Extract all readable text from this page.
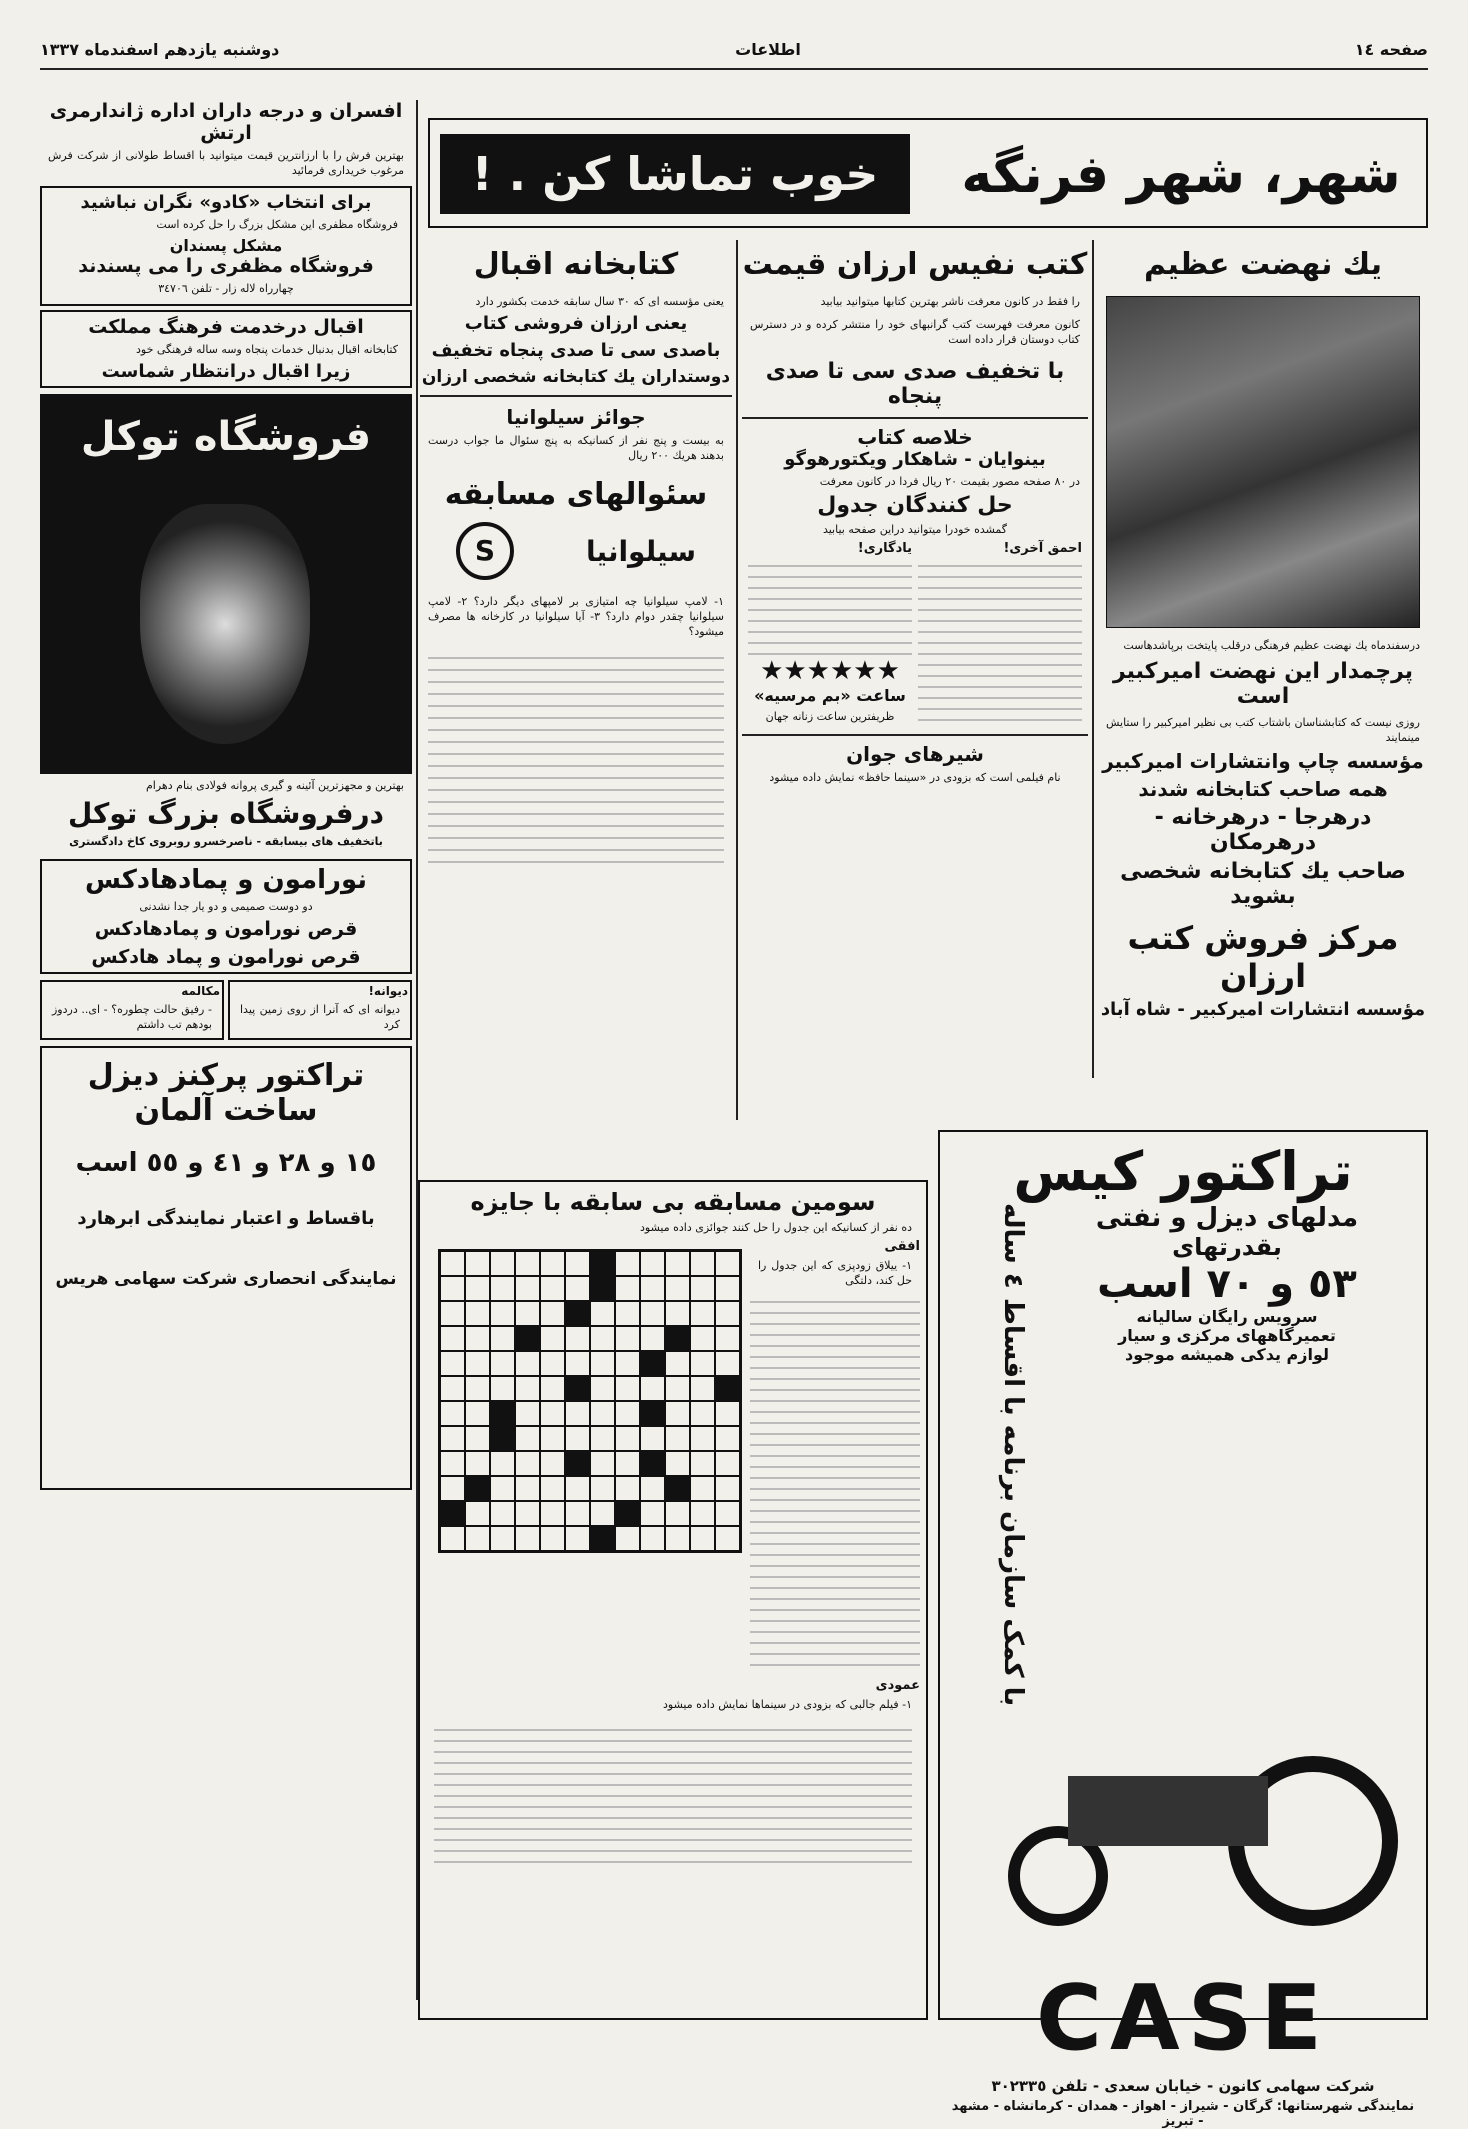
صفحه ١٤
اطلاعات
دوشنبه یازدهم اسفندماه ١٣٣٧
شهر، شهر فرنگه
خوب تماشا کن . !
یك نهضت عظیم
درسفندماه یك نهضت عظیم فرهنگی درقلب پایتخت برپاشدهاست
پرچمدار این نهضت امیرکبیر است
روزی نیست که کتابشناسان باشتاب کتب بی نظیر امیرکبیر را ستایش مینمایند
مؤسسه چاپ وانتشارات امیرکبیر
همه صاحب کتابخانه شدند
درهرجا - درهرخانه - درهرمکان
صاحب یك کتابخانه شخصی بشوید
مرکز فروش کتب ارزان
مؤسسه انتشارات امیرکبیر - شاه آباد
کتب نفیس ارزان قیمت
را فقط در کانون معرفت ناشر بهترین کتابها میتوانید بیابید
کانون معرفت فهرست کتب گرانبهای خود را منتشر کرده و در دسترس کتاب دوستان قرار داده است
با تخفیف صدی سی تا صدی پنجاه
خلاصه کتاب
بینوایان - شاهکار ویکتورهوگو
در ٨٠ صفحه مصور بقیمت ٢٠ ریال فردا در کانون معرفت
حل کنندگان جدول
گمشده خودرا میتوانید دراین صفحه بیابید
احمق آخری!
یادگاری!
★★★★★★
ساعت «بم مرسیه»
ظریفترین ساعت زنانه جهان
شیرهای جوان
نام فیلمی است که بزودی در «سینما حافظ» نمایش داده میشود
کتابخانه اقبال
یعنی مؤسسه ای که ٣٠ سال سابقه خدمت بکشور دارد
یعنی ارزان فروشی کتاب
باصدی سی تا صدی پنجاه تخفیف
دوستداران یك کتابخانه شخصی ارزان
جوائز سیلوانیا
به بیست و پنج نفر از کسانیکه به پنج سئوال ما جواب درست بدهند هریك ٢٠٠ ریال
سئوالهای مسابقه
سیلوانیا
S
١- لامپ سیلوانیا چه امتیازی بر لامپهای دیگر دارد؟ ٢- لامپ سیلوانیا چقدر دوام دارد؟ ٣- آیا سیلوانیا در کارخانه ها مصرف میشود؟
افسران و درجه داران اداره ژاندارمری ارتش
بهترین فرش را با ارزانترین قیمت میتوانید با اقساط طولانی از شرکت فرش مرغوب خریداری فرمائید
برای انتخاب «کادو» نگران نباشید
فروشگاه مظفری این مشکل بزرگ را حل کرده است
مشکل پسندان
فروشگاه مظفری را می پسندند
چهارراه لاله زار - تلفن ٣٤٧٠٦
اقبال درخدمت فرهنگ مملکت
کتابخانه اقبال بدنبال خدمات پنجاه وسه ساله فرهنگی خود
زیرا اقبال درانتظار شماست
فروشگاه توکل
بهترین و مجهزترین آئینه و گیری پروانه فولادی بنام دهرام
درفروشگاه بزرگ توکل
باتخفیف های بیسابقه - ناصرخسرو روبروی کاخ دادگستری
نورامون و پمادهادکس
دو دوست صمیمی و دو یار جدا نشدنی
قرص نورامون و پمادهادکس
قرص نورامون و پماد هادکس
دیوانه!
دیوانه ای که آنرا از روی زمین پیدا کرد
مکالمه
- رفیق حالت چطوره؟ - ای.. دردوز بودهم تب داشتم
تراکتور پرکنز دیزل ساخت آلمان
١٥ و ٢٨ و ٤١ و ٥٥ اسب
باقساط و اعتبار نمایندگی ابرهارد
نمایندگی انحصاری شرکت سهامی هریس
سومین مسابقه بی سابقه با جایزه
ده نفر از کسانیکه این جدول را حل کنند جوائزی داده میشود
افقی
١- ییلاق زودپزی که این جدول را حل کند، دلتگی
عمودی
١- فیلم جالبی که بزودی در سینماها نمایش داده میشود
تراکتور کیس
مدلهای دیزل و نفتی
بقدرتهای
٥٣ و ٧٠ اسب
سرویس رایگان سالیانه
تعمیرگاههای مرکزی و سیار
لوازم یدکی همیشه موجود
با کمک سازمان برنامه با اقساط ٤ ساله
CASE
شرکت سهامی کانون - خیابان سعدی - تلفن ٣٠٢٣٣٥
نمایندگی شهرستانها: گرگان - شیراز - اهواز - همدان - کرمانشاه - مشهد - تبریز
